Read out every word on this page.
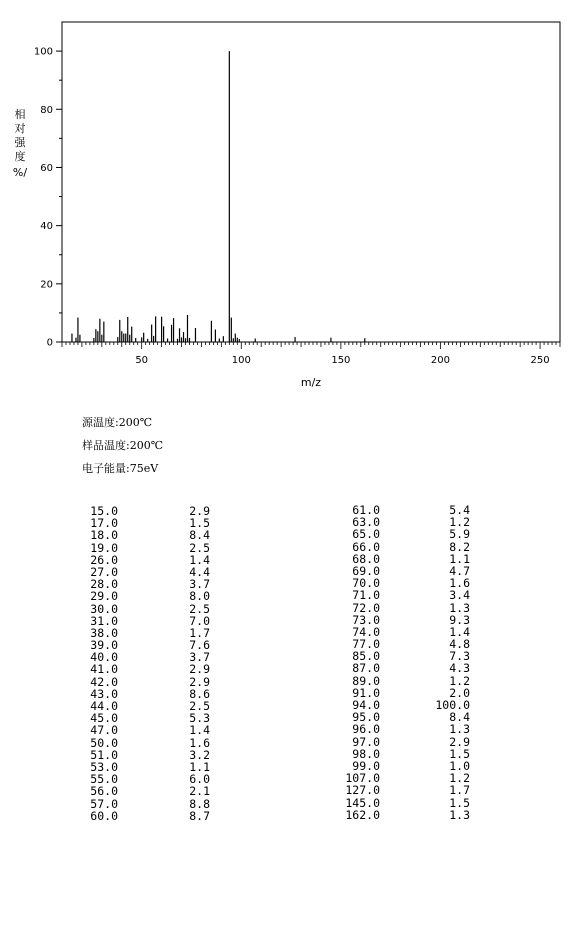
0
20
40
60
80
100
50	100	150	200	250
m/z
相对强度%/
源温度:200℃
样品温度:200℃
电子能量:75eV
15.0	2.9
17.0	1.5
18.0	8.4
19.0	2.5
26.0	1.4
27.0	4.4
28.0	3.7
29.0	8.0
30.0	2.5
31.0	7.0
38.0	1.7
39.0	7.6
40.0	3.7
41.0	2.9
42.0	2.9
43.0	8.6
44.0	2.5
45.0	5.3
47.0	1.4
50.0	1.6
51.0	3.2
53.0	1.1
55.0	6.0
56.0	2.1
57.0	8.8
60.0	8.7
61.0	5.4
63.0	1.2
65.0	5.9
66.0	8.2
68.0	1.1
69.0	4.7
70.0	1.6
71.0	3.4
72.0	1.3
73.0	9.3
74.0	1.4
77.0	4.8
85.0	7.3
87.0	4.3
89.0	1.2
91.0	2.0
94.0	100.0
95.0	8.4
96.0	1.3
97.0	2.9
98.0	1.5
99.0	1.0
107.0	1.2
127.0	1.7
145.0	1.5
162.0	1.3
